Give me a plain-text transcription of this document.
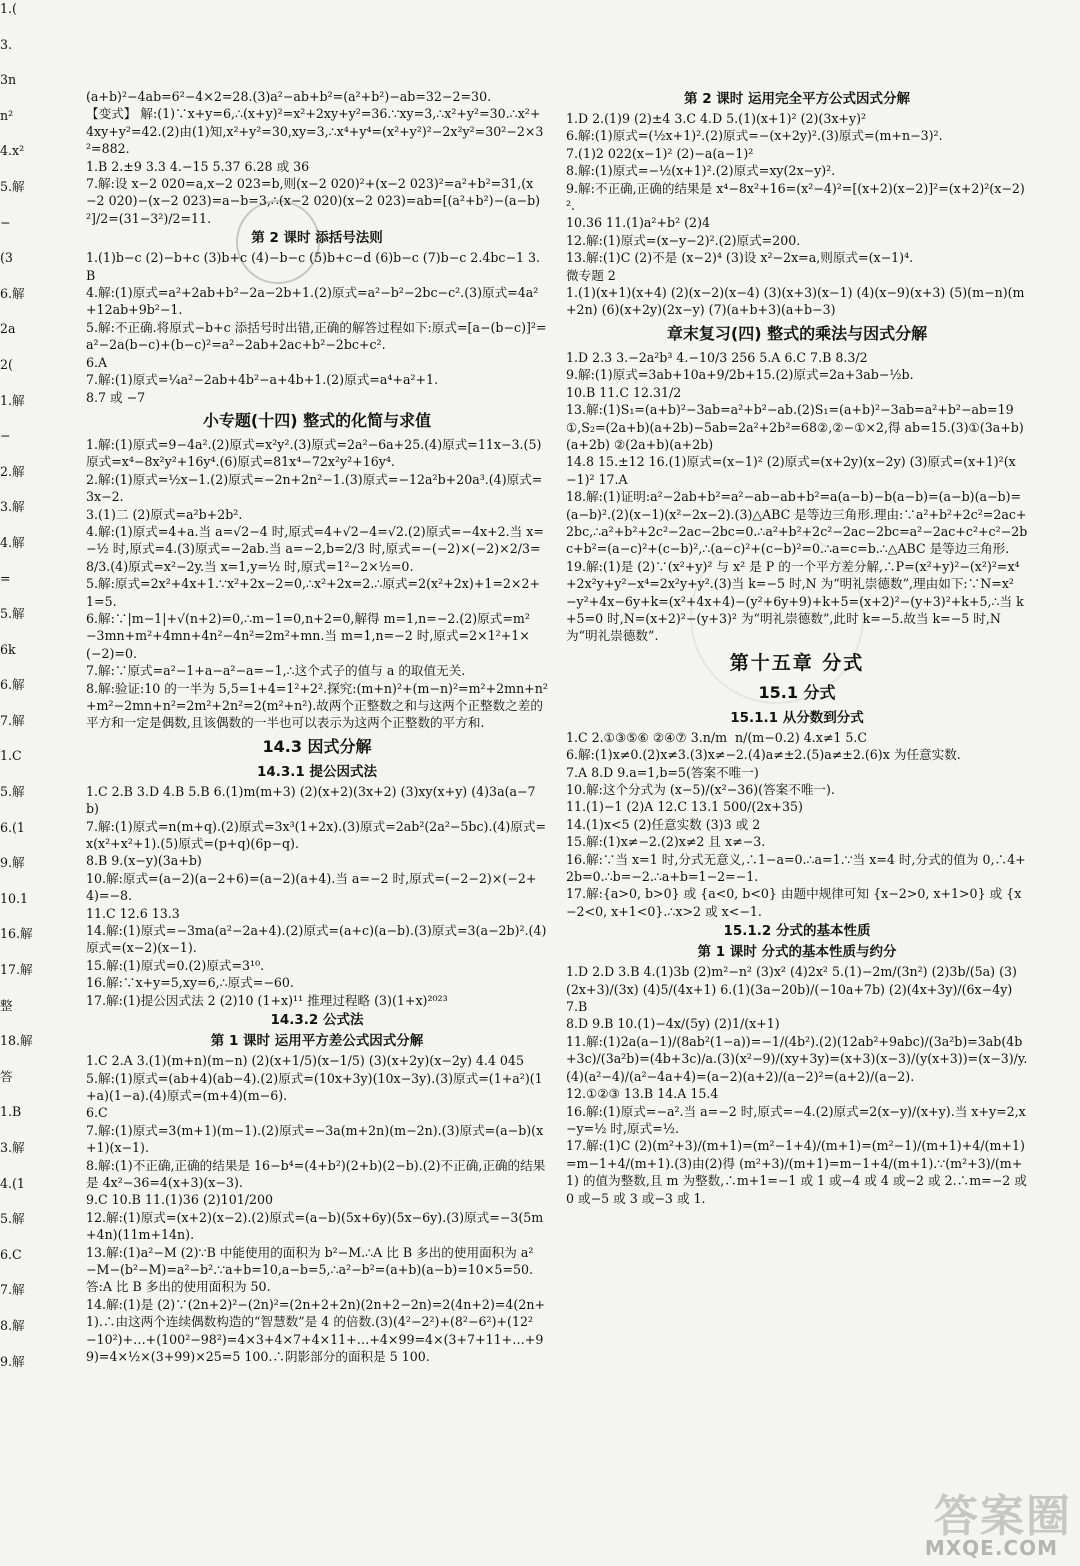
(a+b)²−4ab=6²−4×2=28.(3)a²−ab+b²=(a²+b²)−ab=32−2=30.
【变式】 解:(1)∵x+y=6,∴(x+y)²=x²+2xy+y²=36.∵xy=3,∴x²+y²=30.∴x²+4xy+y²=42.(2)由(1)知,x²+y²=30,xy=3,∴x⁴+y⁴=(x²+y²)²−2x²y²=30²−2×3²=882.
1.B 2.±9 3.3 4.−15 5.37 6.28 或 36
7.解:设 x−2 020=a,x−2 023=b,则(x−2 020)²+(x−2 023)²=a²+b²=31,(x−2 020)−(x−2 023)=a−b=3,∴(x−2 020)(x−2 023)=ab=[(a²+b²)−(a−b)²]/2=(31−3²)/2=11.
第 2 课时 添括号法则
1.(1)b−c (2)−b+c (3)b+c (4)−b−c (5)b+c−d (6)b−c (7)b−c 2.4bc−1 3.B
4.解:(1)原式=a²+2ab+b²−2a−2b+1.(2)原式=a²−b²−2bc−c².(3)原式=4a²+12ab+9b²−1.
5.解:不正确.将原式−b+c 添括号时出错,正确的解答过程如下:原式=[a−(b−c)]²=a²−2a(b−c)+(b−c)²=a²−2ab+2ac+b²−2bc+c².
6.A
7.解:(1)原式=¼a²−2ab+4b²−a+4b+1.(2)原式=a⁴+a²+1.
8.7 或 −7
小专题(十四) 整式的化简与求值
1.解:(1)原式=9−4a².(2)原式=x²y².(3)原式=2a²−6a+25.(4)原式=11x−3.(5)原式=x⁴−8x²y²+16y⁴.(6)原式=81x⁴−72x²y²+16y⁴.
2.解:(1)原式=½x−1.(2)原式=−2n+2n²−1.(3)原式=−12a²b+20a³.(4)原式=3x−2.
3.(1)二 (2)原式=a²b+2b².
4.解:(1)原式=4+a.当 a=√2−4 时,原式=4+√2−4=√2.(2)原式=−4x+2.当 x=−½ 时,原式=4.(3)原式=−2ab.当 a=−2,b=2/3 时,原式=−(−2)×(−2)×2/3=8/3.(4)原式=x²−2y.当 x=1,y=½ 时,原式=1²−2×½=0.
5.解:原式=2x²+4x+1.∵x²+2x−2=0,∴x²+2x=2.∴原式=2(x²+2x)+1=2×2+1=5.
6.解:∵|m−1|+√(n+2)=0,∴m−1=0,n+2=0,解得 m=1,n=−2.(2)原式=m²−3mn+m²+4mn+4n²−4n²=2m²+mn.当 m=1,n=−2 时,原式=2×1²+1×(−2)=0.
7.解:∵原式=a²−1+a−a²−a=−1,∴这个式子的值与 a 的取值无关.
8.解:验证:10 的一半为 5,5=1+4=1²+2².探究:(m+n)²+(m−n)²=m²+2mn+n²+m²−2mn+n²=2m²+2n²=2(m²+n²).故两个正整数之和与这两个正整数之差的平方和一定是偶数,且该偶数的一半也可以表示为这两个正整数的平方和.
14.3 因式分解
14.3.1 提公因式法
1.C 2.B 3.D 4.B 5.B 6.(1)m(m+3) (2)(x+2)(3x+2) (3)xy(x+y) (4)3a(a−7b)
7.解:(1)原式=n(m+q).(2)原式=3x³(1+2x).(3)原式=2ab²(2a²−5bc).(4)原式=x(x²+x²+1).(5)原式=(p+q)(6p−q).
8.B 9.(x−y)(3a+b)
10.解:原式=(a−2)(a−2+6)=(a−2)(a+4).当 a=−2 时,原式=(−2−2)×(−2+4)=−8.
11.C 12.6 13.3
14.解:(1)原式=−3ma(a²−2a+4).(2)原式=(a+c)(a−b).(3)原式=3(a−2b)².(4)原式=(x−2)(x−1).
15.解:(1)原式=0.(2)原式=3¹⁰.
16.解:∵x+y=5,xy=6,∴原式=−60.
17.解:(1)提公因式法 2 (2)10 (1+x)¹¹ 推理过程略 (3)(1+x)²⁰²³
14.3.2 公式法
第 1 课时 运用平方差公式因式分解
1.C 2.A 3.(1)(m+n)(m−n) (2)(x+1/5)(x−1/5) (3)(x+2y)(x−2y) 4.4 045
5.解:(1)原式=(ab+4)(ab−4).(2)原式=(10x+3y)(10x−3y).(3)原式=(1+a²)(1+a)(1−a).(4)原式=(m+4)(m−6).
6.C
7.解:(1)原式=3(m+1)(m−1).(2)原式=−3a(m+2n)(m−2n).(3)原式=(a−b)(x+1)(x−1).
8.解:(1)不正确,正确的结果是 16−b⁴=(4+b²)(2+b)(2−b).(2)不正确,正确的结果是 4x²−36=4(x+3)(x−3).
9.C 10.B 11.(1)36 (2)101/200
12.解:(1)原式=(x+2)(x−2).(2)原式=(a−b)(5x+6y)(5x−6y).(3)原式=−3(5m+4n)(11m+14n).
13.解:(1)a²−M (2)∵B 中能使用的面积为 b²−M.∴A 比 B 多出的使用面积为 a²−M−(b²−M)=a²−b².∵a+b=10,a−b=5,∴a²−b²=(a+b)(a−b)=10×5=50.答:A 比 B 多出的使用面积为 50.
14.解:(1)是 (2)∵(2n+2)²−(2n)²=(2n+2+2n)(2n+2−2n)=2(4n+2)=4(2n+1).∴由这两个连续偶数构造的“智慧数”是 4 的倍数.(3)(4²−2²)+(8²−6²)+(12²−10²)+…+(100²−98²)=4×3+4×7+4×11+…+4×99=4×(3+7+11+…+99)=4×½×(3+99)×25=5 100.∴阴影部分的面积是 5 100.
第 2 课时 运用完全平方公式因式分解
1.D 2.(1)9 (2)±4 3.C 4.D 5.(1)(x+1)² (2)(3x+y)²
6.解:(1)原式=(½x+1)².(2)原式=−(x+2y)².(3)原式=(m+n−3)².
7.(1)2 022(x−1)² (2)−a(a−1)²
8.解:(1)原式=−½(x+1)².(2)原式=xy(2x−y)².
9.解:不正确,正确的结果是 x⁴−8x²+16=(x²−4)²=[(x+2)(x−2)]²=(x+2)²(x−2)².
10.36 11.(1)a²+b² (2)4
12.解:(1)原式=(x−y−2)².(2)原式=200.
13.解:(1)C (2)不是 (x−2)⁴ (3)设 x²−2x=a,则原式=(x−1)⁴.
微专题 2
1.(1)(x+1)(x+4) (2)(x−2)(x−4) (3)(x+3)(x−1) (4)(x−9)(x+3) (5)(m−n)(m+2n) (6)(x+2y)(2x−y) (7)(a+b+3)(a+b−3)
章末复习(四) 整式的乘法与因式分解
1.D 2.3 3.−2a²b³ 4.−10/3 256 5.A 6.C 7.B 8.3/2
9.解:(1)原式=3ab+10a+9/2b+15.(2)原式=2a+3ab−½b.
10.B 11.C 12.31/2
13.解:(1)S₁=(a+b)²−3ab=a²+b²−ab.(2)S₁=(a+b)²−3ab=a²+b²−ab=19①,S₂=(2a+b)(a+2b)−5ab=2a²+2b²=68②,②−①×2,得 ab=15.(3)①(3a+b)(a+2b) ②(2a+b)(a+2b)
14.8 15.±12 16.(1)原式=(x−1)² (2)原式=(x+2y)(x−2y) (3)原式=(x+1)²(x−1)² 17.A
18.解:(1)证明:a²−2ab+b²=a²−ab−ab+b²=a(a−b)−b(a−b)=(a−b)(a−b)=(a−b)².(2)(x−1)(x²−2x−2).(3)△ABC 是等边三角形.理由:∵a²+b²+2c²=2ac+2bc,∴a²+b²+2c²−2ac−2bc=0.∴a²+b²+2c²−2ac−2bc=a²−2ac+c²+c²−2bc+b²=(a−c)²+(c−b)²,∴(a−c)²+(c−b)²=0.∴a=c=b.∴△ABC 是等边三角形.
19.解:(1)是 (2)∵(x²+y)² 与 x² 是 P 的一个平方差分解,∴P=(x²+y)²−(x²)²=x⁴+2x²y+y²−x⁴=2x²y+y².(3)当 k=−5 时,N 为“明礼崇德数”,理由如下:∵N=x²−y²+4x−6y+k=(x²+4x+4)−(y²+6y+9)+k+5=(x+2)²−(y+3)²+k+5,∴当 k+5=0 时,N=(x+2)²−(y+3)² 为“明礼崇德数”,此时 k=−5.故当 k=−5 时,N 为“明礼崇德数”.
第十五章 分式
15.1 分式
15.1.1 从分数到分式
1.C 2.①③⑤⑥ ②④⑦ 3.n/m  n/(m−0.2) 4.x≠1 5.C
6.解:(1)x≠0.(2)x≠3.(3)x≠−2.(4)a≠±2.(5)a≠±2.(6)x 为任意实数.
7.A 8.D 9.a=1,b=5(答案不唯一)
10.解:这个分式为 (x−5)/(x²−36)(答案不唯一).
11.(1)−1 (2)A 12.C 13.1 500/(2x+35)
14.(1)x<5 (2)任意实数 (3)3 或 2
15.解:(1)x≠−2.(2)x≠2 且 x≠−3.
16.解:∵当 x=1 时,分式无意义,∴1−a=0.∴a=1.∵当 x=4 时,分式的值为 0,∴4+2b=0.∴b=−2.∴a+b=1−2=−1.
17.解:{a>0, b>0} 或 {a<0, b<0} 由题中规律可知 {x−2>0, x+1>0} 或 {x−2<0, x+1<0}.∴x>2 或 x<−1.
15.1.2 分式的基本性质
第 1 课时 分式的基本性质与约分
1.D 2.D 3.B 4.(1)3b (2)m²−n² (3)x² (4)2x² 5.(1)−2m/(3n²) (2)3b/(5a) (3)(2x+3)/(3x) (4)5/(4x+1) 6.(1)(3a−20b)/(−10a+7b) (2)(4x+3y)/(6x−4y) 7.B
8.D 9.B 10.(1)−4x/(5y) (2)1/(x+1)
11.解:(1)2a(a−1)/(8ab²(1−a))=−1/(4b²).(2)(12ab²+9abc)/(3a²b)=3ab(4b+3c)/(3a²b)=(4b+3c)/a.(3)(x²−9)/(xy+3y)=(x+3)(x−3)/(y(x+3))=(x−3)/y.(4)(a²−4)/(a²−4a+4)=(a−2)(a+2)/(a−2)²=(a+2)/(a−2).
12.①②③ 13.B 14.A 15.4
16.解:(1)原式=−a².当 a=−2 时,原式=−4.(2)原式=2(x−y)/(x+y).当 x+y=2,x−y=½ 时,原式=½.
17.解:(1)C (2)(m²+3)/(m+1)=(m²−1+4)/(m+1)=(m²−1)/(m+1)+4/(m+1)=m−1+4/(m+1).(3)由(2)得 (m²+3)/(m+1)=m−1+4/(m+1).∵(m²+3)/(m+1) 的值为整数,且 m 为整数,∴m+1=−1 或 1 或−4 或 4 或−2 或 2.∴m=−2 或 0 或−5 或 3 或−3 或 1.
1.(
3.
3n
n²
4.x²
5.解
−
(3
6.解
2a
2(
1.解
−
2.解
3.解
4.解
=
5.解
6k
6.解
7.解
1.C
5.解
6.(1
9.解
10.1
16.解
17.解
整
18.解
答
1.B
3.解
4.(1
5.解
6.C
7.解
8.解
9.解
答案圈
MXQE.COM
